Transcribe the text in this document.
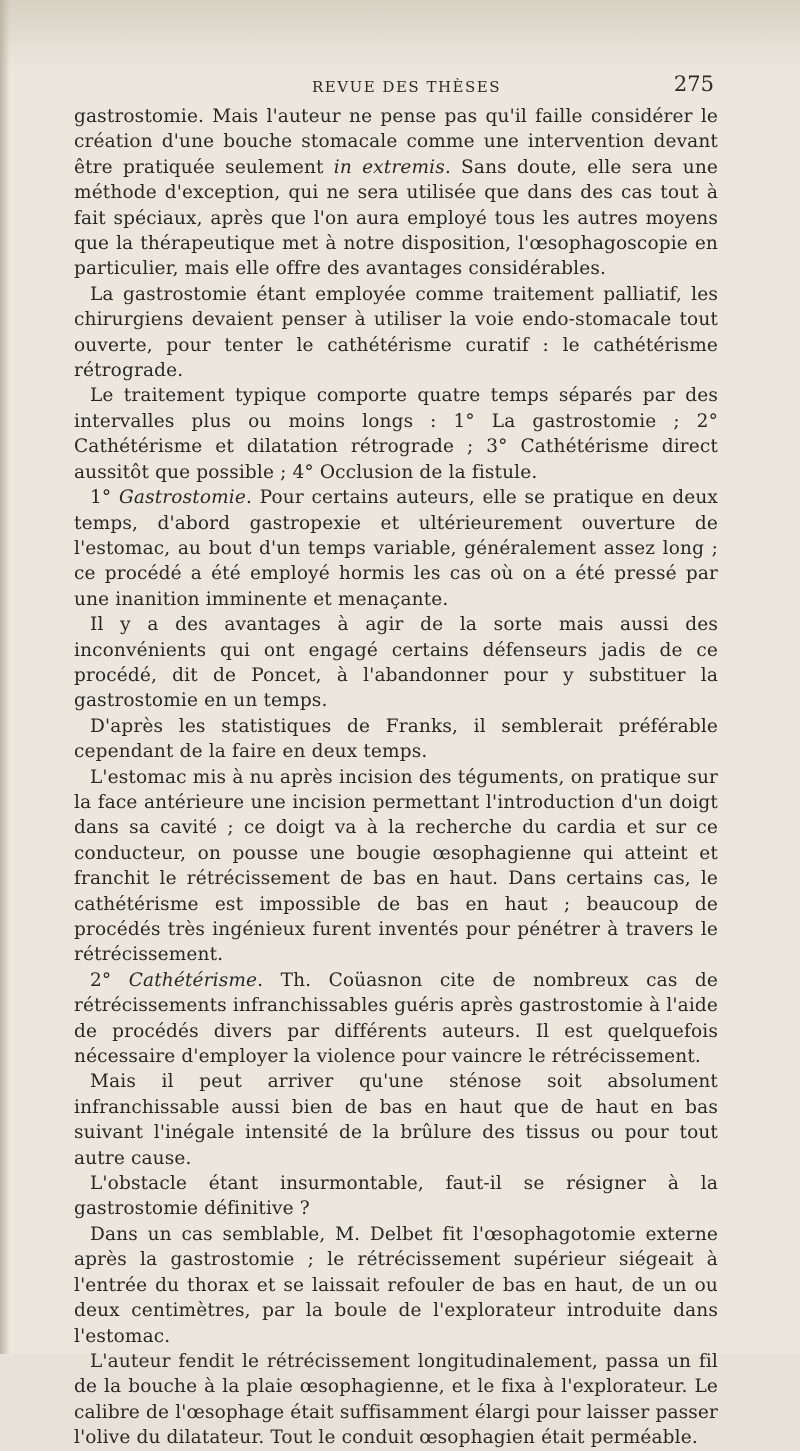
REVUE DES THÈSES	275

gastrostomie. Mais l'auteur ne pense pas qu'il faille considérer le création d'une bouche stomacale comme une intervention devant être pratiquée seulement in extremis. Sans doute, elle sera une méthode d'exception, qui ne sera utilisée que dans des cas tout à fait spéciaux, après que l'on aura employé tous les autres moyens que la thérapeutique met à notre disposition, l'œsophagoscopie en particulier, mais elle offre des avantages considérables.

La gastrostomie étant employée comme traitement palliatif, les chirurgiens devaient penser à utiliser la voie endo-stomacale tout ouverte, pour tenter le cathétérisme curatif : le cathétérisme rétrograde.

Le traitement typique comporte quatre temps séparés par des intervalles plus ou moins longs : 1° La gastrostomie ; 2° Cathétérisme et dilatation rétrograde ; 3° Cathétérisme direct aussitôt que possible ; 4° Occlusion de la fistule.

1° Gastrostomie. Pour certains auteurs, elle se pratique en deux temps, d'abord gastropexie et ultérieurement ouverture de l'estomac, au bout d'un temps variable, généralement assez long ; ce procédé a été employé hormis les cas où on a été pressé par une inanition imminente et menaçante.

Il y a des avantages à agir de la sorte mais aussi des inconvénients qui ont engagé certains défenseurs jadis de ce procédé, dit de Poncet, à l'abandonner pour y substituer la gastrostomie en un temps.

D'après les statistiques de Franks, il semblerait préférable cependant de la faire en deux temps.

L'estomac mis à nu après incision des téguments, on pratique sur la face antérieure une incision permettant l'introduction d'un doigt dans sa cavité ; ce doigt va à la recherche du cardia et sur ce conducteur, on pousse une bougie œsophagienne qui atteint et franchit le rétrécissement de bas en haut. Dans certains cas, le cathétérisme est impossible de bas en haut ; beaucoup de procédés très ingénieux furent inventés pour pénétrer à travers le rétrécissement.

2° Cathétérisme. Th. Coüasnon cite de nombreux cas de rétrécissements infranchissables guéris après gastrostomie à l'aide de procédés divers par différents auteurs. Il est quelquefois nécessaire d'employer la violence pour vaincre le rétrécissement.

Mais il peut arriver qu'une sténose soit absolument infranchissable aussi bien de bas en haut que de haut en bas suivant l'inégale intensité de la brûlure des tissus ou pour tout autre cause.

L'obstacle étant insurmontable, faut-il se résigner à la gastrostomie définitive ?

Dans un cas semblable, M. Delbet fit l'œsophagotomie externe après la gastrostomie ; le rétrécissement supérieur siégeait à l'entrée du thorax et se laissait refouler de bas en haut, de un ou deux centimètres, par la boule de l'explorateur introduite dans l'estomac.

L'auteur fendit le rétrécissement longitudinalement, passa un fil de la bouche à la plaie œsophagienne, et le fixa à l'explorateur. Le calibre de l'œsophage était suffisamment élargi pour laisser passer l'olive du dilatateur. Tout le conduit œsophagien était perméable.
